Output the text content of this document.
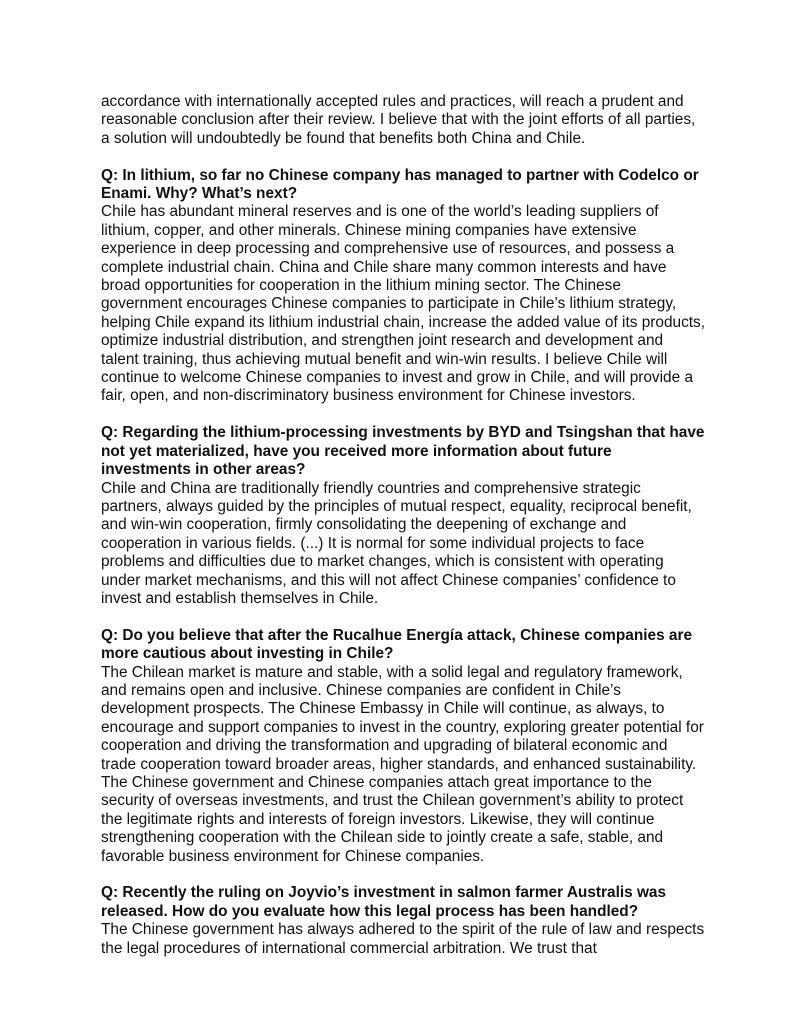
accordance with internationally accepted rules and practices, will reach a prudent and reasonable conclusion after their review. I believe that with the joint efforts of all parties, a solution will undoubtedly be found that benefits both China and Chile.

Q: In lithium, so far no Chinese company has managed to partner with Codelco or Enami. Why? What’s next?

Chile has abundant mineral reserves and is one of the world’s leading suppliers of lithium, copper, and other minerals. Chinese mining companies have extensive experience in deep processing and comprehensive use of resources, and possess a complete industrial chain. China and Chile share many common interests and have broad opportunities for cooperation in the lithium mining sector. The Chinese government encourages Chinese companies to participate in Chile’s lithium strategy, helping Chile expand its lithium industrial chain, increase the added value of its products, optimize industrial distribution, and strengthen joint research and development and talent training, thus achieving mutual benefit and win-win results. I believe Chile will continue to welcome Chinese companies to invest and grow in Chile, and will provide a fair, open, and non-discriminatory business environment for Chinese investors.

Q: Regarding the lithium-processing investments by BYD and Tsingshan that have not yet materialized, have you received more information about future investments in other areas?

Chile and China are traditionally friendly countries and comprehensive strategic partners, always guided by the principles of mutual respect, equality, reciprocal benefit, and win-win cooperation, firmly consolidating the deepening of exchange and cooperation in various fields. (...) It is normal for some individual projects to face problems and difficulties due to market changes, which is consistent with operating under market mechanisms, and this will not affect Chinese companies’ confidence to invest and establish themselves in Chile.

Q: Do you believe that after the Rucalhue Energía attack, Chinese companies are more cautious about investing in Chile?

The Chilean market is mature and stable, with a solid legal and regulatory framework, and remains open and inclusive. Chinese companies are confident in Chile’s development prospects. The Chinese Embassy in Chile will continue, as always, to encourage and support companies to invest in the country, exploring greater potential for cooperation and driving the transformation and upgrading of bilateral economic and trade cooperation toward broader areas, higher standards, and enhanced sustainability. The Chinese government and Chinese companies attach great importance to the security of overseas investments, and trust the Chilean government’s ability to protect the legitimate rights and interests of foreign investors. Likewise, they will continue strengthening cooperation with the Chilean side to jointly create a safe, stable, and favorable business environment for Chinese companies.

Q: Recently the ruling on Joyvio’s investment in salmon farmer Australis was released. How do you evaluate how this legal process has been handled?

The Chinese government has always adhered to the spirit of the rule of law and respects the legal procedures of international commercial arbitration. We trust that
